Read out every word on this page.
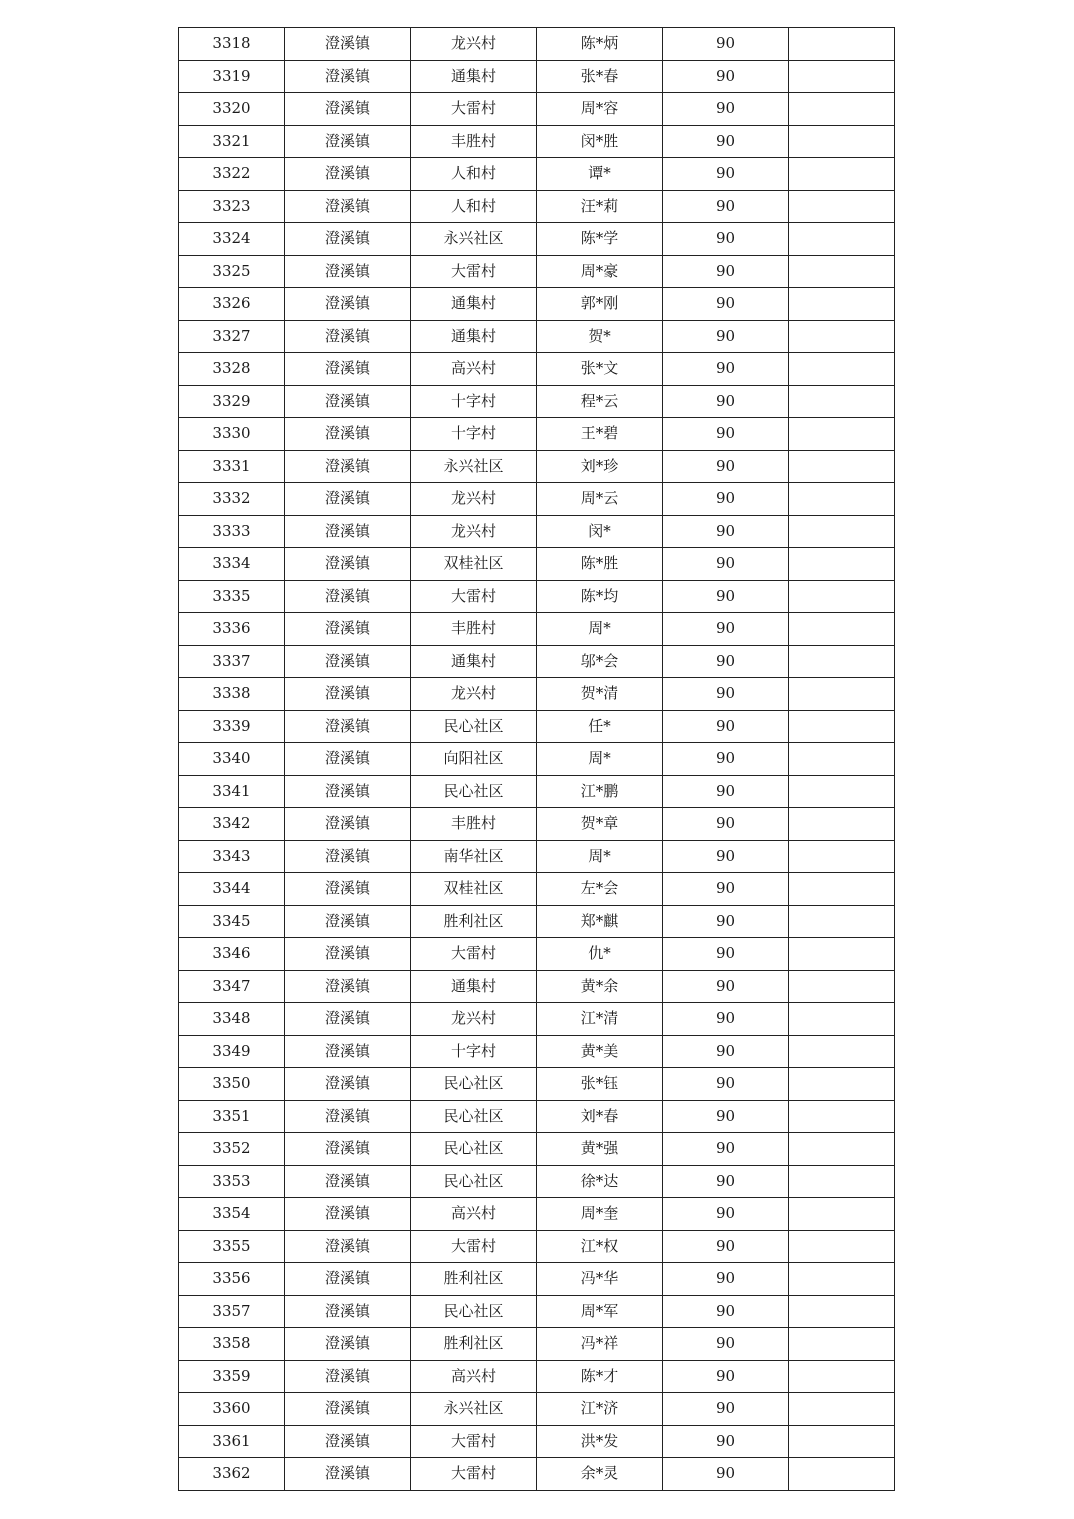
3318	澄溪镇	龙兴村	陈*炳	90	
3319	澄溪镇	通集村	张*春	90	
3320	澄溪镇	大雷村	周*容	90	
3321	澄溪镇	丰胜村	闵*胜	90	
3322	澄溪镇	人和村	谭*	90	
3323	澄溪镇	人和村	汪*莉	90	
3324	澄溪镇	永兴社区	陈*学	90	
3325	澄溪镇	大雷村	周*豪	90	
3326	澄溪镇	通集村	郭*刚	90	
3327	澄溪镇	通集村	贺*	90	
3328	澄溪镇	高兴村	张*文	90	
3329	澄溪镇	十字村	程*云	90	
3330	澄溪镇	十字村	王*碧	90	
3331	澄溪镇	永兴社区	刘*珍	90	
3332	澄溪镇	龙兴村	周*云	90	
3333	澄溪镇	龙兴村	闵*	90	
3334	澄溪镇	双桂社区	陈*胜	90	
3335	澄溪镇	大雷村	陈*均	90	
3336	澄溪镇	丰胜村	周*	90	
3337	澄溪镇	通集村	邬*会	90	
3338	澄溪镇	龙兴村	贺*清	90	
3339	澄溪镇	民心社区	任*	90	
3340	澄溪镇	向阳社区	周*	90	
3341	澄溪镇	民心社区	江*鹏	90	
3342	澄溪镇	丰胜村	贺*章	90	
3343	澄溪镇	南华社区	周*	90	
3344	澄溪镇	双桂社区	左*会	90	
3345	澄溪镇	胜利社区	郑*麒	90	
3346	澄溪镇	大雷村	仇*	90	
3347	澄溪镇	通集村	黄*余	90	
3348	澄溪镇	龙兴村	江*清	90	
3349	澄溪镇	十字村	黄*美	90	
3350	澄溪镇	民心社区	张*钰	90	
3351	澄溪镇	民心社区	刘*春	90	
3352	澄溪镇	民心社区	黄*强	90	
3353	澄溪镇	民心社区	徐*达	90	
3354	澄溪镇	高兴村	周*奎	90	
3355	澄溪镇	大雷村	江*权	90	
3356	澄溪镇	胜利社区	冯*华	90	
3357	澄溪镇	民心社区	周*军	90	
3358	澄溪镇	胜利社区	冯*祥	90	
3359	澄溪镇	高兴村	陈*才	90	
3360	澄溪镇	永兴社区	江*济	90	
3361	澄溪镇	大雷村	洪*发	90	
3362	澄溪镇	大雷村	余*灵	90	
